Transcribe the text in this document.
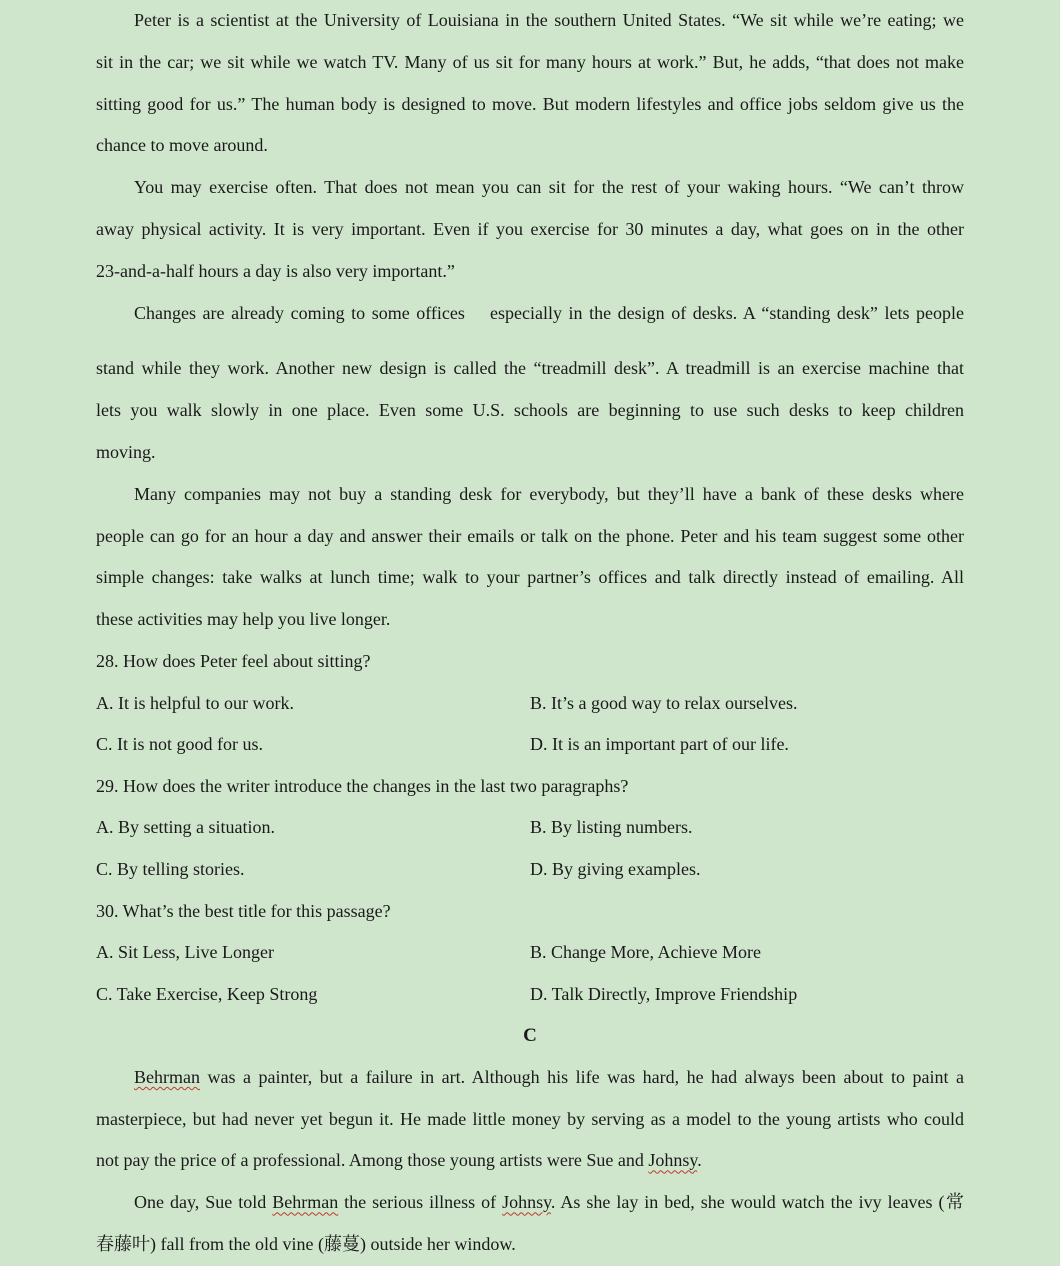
Peter is a scientist at the University of Louisiana in the southern United States. “We sit while we’re eating; we
sit in the car; we sit while we watch TV. Many of us sit for many hours at work.” But, he adds, “that does not make
sitting good for us.” The human body is designed to move. But modern lifestyles and office jobs seldom give us the
chance to move around.
You may exercise often. That does not mean you can sit for the rest of your waking hours. “We can’t throw
away physical activity. It is very important. Even if you exercise for 30 minutes a day, what goes on in the other
23-and-a-half hours a day is also very important.”
Changes are already coming to some offices especially in the design of desks. A “standing desk” lets people
stand while they work. Another new design is called the “treadmill desk”. A treadmill is an exercise machine that
lets you walk slowly in one place. Even some U.S. schools are beginning to use such desks to keep children
moving.
Many companies may not buy a standing desk for everybody, but they’ll have a bank of these desks where
people can go for an hour a day and answer their emails or talk on the phone. Peter and his team suggest some other
simple changes: take walks at lunch time; walk to your partner’s offices and talk directly instead of emailing. All
these activities may help you live longer.

28. How does Peter feel about sitting?

A. It is helpful to our work.	B. It’s a good way to relax ourselves.
C. It is not good for us.	D. It is an important part of our life.

29. How does the writer introduce the changes in the last two paragraphs?

A. By setting a situation.	B. By listing numbers.
C. By telling stories.	D. By giving examples.

30. What’s the best title for this passage?

A. Sit Less, Live Longer	B. Change More, Achieve More
C. Take Exercise, Keep Strong	D. Talk Directly, Improve Friendship

C

Behrman was a painter, but a failure in art. Although his life was hard, he had always been about to paint a
masterpiece, but had never yet begun it. He made little money by serving as a model to the young artists who could
not pay the price of a professional. Among those young artists were Sue and Johnsy.
One day, Sue told Behrman the serious illness of Johnsy. As she lay in bed, she would watch the ivy leaves (常
春藤叶) fall from the old vine (藤蔓) outside her window.
